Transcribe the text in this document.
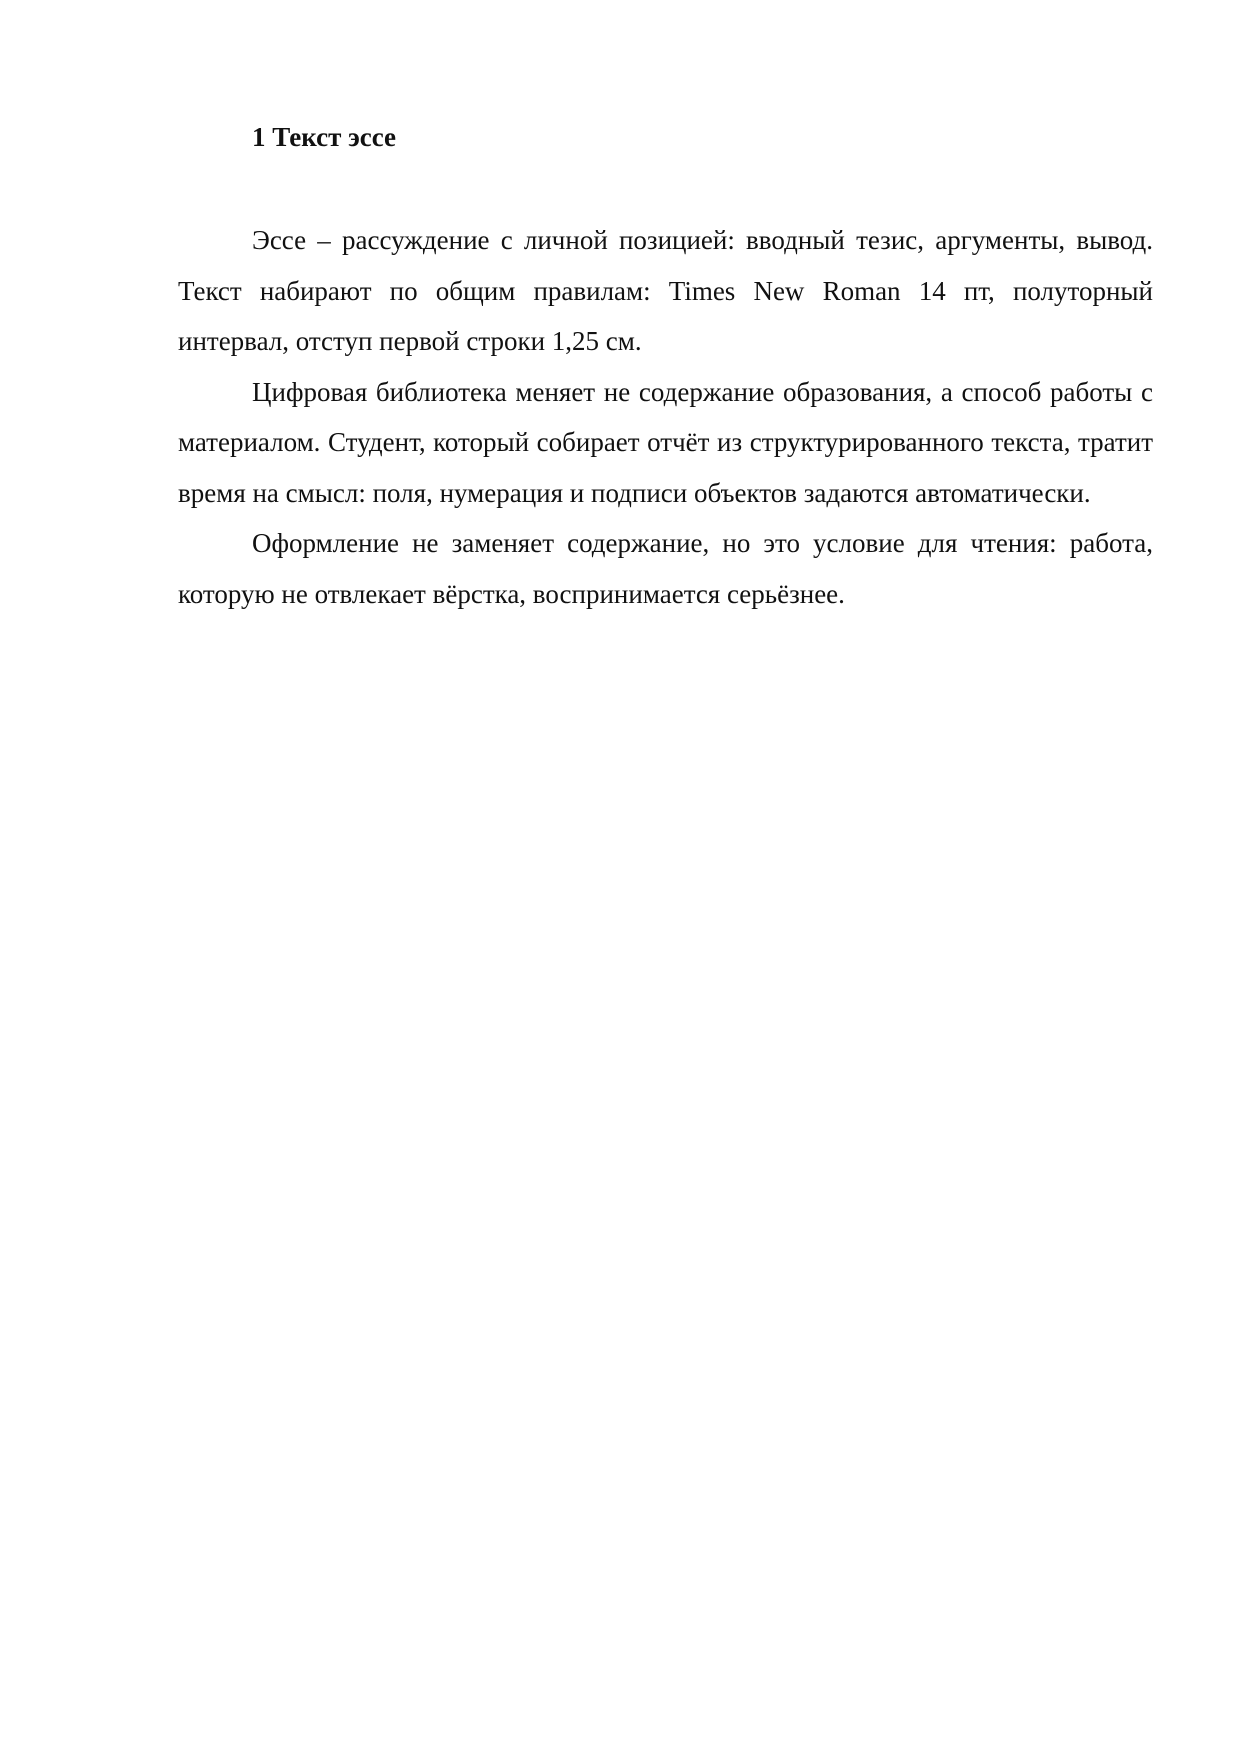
1 Текст эссе

Эссе – рассуждение с личной позицией: вводный тезис, аргументы, вывод. Текст набирают по общим правилам: Times New Roman 14 пт, полуторный интервал, отступ первой строки 1,25 см.

Цифровая библиотека меняет не содержание образования, а способ работы с материалом. Студент, который собирает отчёт из структурированного текста, тратит время на смысл: поля, нумерация и подписи объектов задаются автоматически.

Оформление не заменяет содержание, но это условие для чтения: работа, которую не отвлекает вёрстка, воспринимается серьёзнее.
